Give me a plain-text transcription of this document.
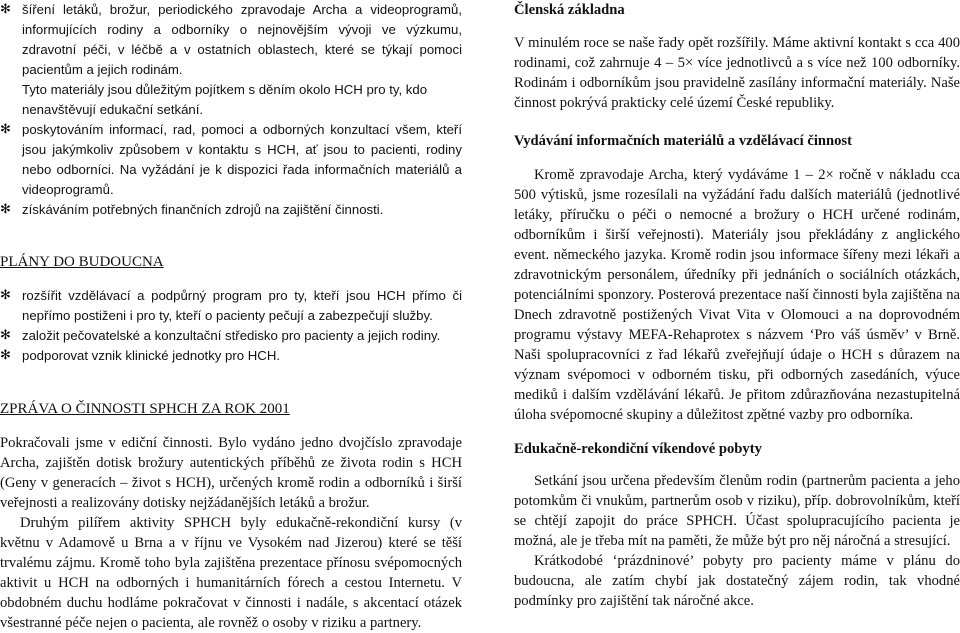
✻ šíření letáků, brožur, periodického zpravodaje Archa a videoprogramů, informujících rodiny a odborníky o nejnovějším vývoji ve výzkumu, zdravotní péči, v léčbě a v ostatních oblastech, které se týkají pomoci pacientům a jejich rodinám.
Tyto materiály jsou důležitým pojítkem s děním okolo HCH pro ty, kdo nenavštěvují edukační setkání.
✻ poskytováním informací, rad, pomoci a odborných konzultací všem, kteří jsou jakýmkoliv způsobem v kontaktu s HCH, ať jsou to pacienti, rodiny nebo odborníci. Na vyžádání je k dispozici řada informačních materiálů a videoprogramů.
✻ získáváním potřebných finančních zdrojů na zajištění činnosti.
PLÁNY DO BUDOUCNA
✻ rozšířit vzdělávací a podpůrný program pro ty, kteří jsou HCH přímo či nepřímo postiženi i pro ty, kteří o pacienty pečují a zabezpečují služby.
✻ založit pečovatelské a konzultační středisko pro pacienty a jejich rodiny.
✻ podporovat vznik klinické jednotky pro HCH.
ZPRÁVA O ČINNOSTI SPHCH ZA ROK 2001

Pokračovali jsme v ediční činnosti. Bylo vydáno jedno dvojčíslo zpravodaje Archa, zajištěn dotisk brožury autentických příběhů ze života rodin s HCH (Geny v generacích – život s HCH), určených kromě rodin a odborníků i širší veřejnosti a realizovány dotisky nejžádanějších letáků a brožur.

Druhým pilířem aktivity SPHCH byly edukačně-rekondiční kursy (v květnu v Adamově u Brna a v říjnu ve Vysokém nad Jizerou) které se těší trvalému zájmu. Kromě toho byla zajištěna prezentace přínosu svépomocných aktivit u HCH na odborných i humanitárních fórech a cestou Internetu. V obdobném duchu hodláme pokračovat v činnosti i nadále, s akcentací otázek všestranné péče nejen o pacienta, ale rovněž o osoby v riziku a partnery.

Členská základna

V minulém roce se naše řady opět rozšířily. Máme aktivní kontakt s cca 400 rodinami, což zahrnuje 4 – 5× více jednotlivců a s více než 100 odborníky. Rodinám i odborníkům jsou pravidelně zasílány informační materiály. Naše činnost pokrývá prakticky celé území České republiky.

Vydávání informačních materiálů a vzdělávací činnost

Kromě zpravodaje Archa, který vydáváme 1 – 2× ročně v nákladu cca 500 výtisků, jsme rozesílali na vyžádání řadu dalších materiálů (jednotlivé letáky, příručku o péči o nemocné a brožury o HCH určené rodinám, odborníkům i širší veřejnosti). Materiály jsou překládány z anglického event. německého jazyka. Kromě rodin jsou informace šířeny mezi lékaři a zdravotnickým personálem, úředníky při jednáních o sociálních otázkách, potenciálními sponzory. Posterová prezentace naší činnosti byla zajištěna na Dnech zdravotně postižených Vivat Vita v Olomouci a na doprovodném programu výstavy MEFA-Rehaprotex s názvem ‘Pro váš úsměv’ v Brně. Naši spolupracovníci z řad lékařů zveřejňují údaje o HCH s důrazem na význam svépomoci v odborném tisku, při odborných zasedáních, výuce mediků i dalším vzdělávání lékařů. Je přitom zdůrazňována nezastupitelná úloha svépomocné skupiny a důležitost zpětné vazby pro odborníka.

Edukačně-rekondiční víkendové pobyty

Setkání jsou určena především členům rodin (partnerům pacienta a jeho potomkům či vnukům, partnerům osob v riziku), příp. dobrovolníkům, kteří se chtějí zapojit do práce SPHCH. Účast spolupracujícího pacienta je možná, ale je třeba mít na paměti, že může být pro něj náročná a stresující.

Krátkodobé ‘prázdninové’ pobyty pro pacienty máme v plánu do budoucna, ale zatím chybí jak dostatečný zájem rodin, tak vhodné podmínky pro zajištění tak náročné akce.
